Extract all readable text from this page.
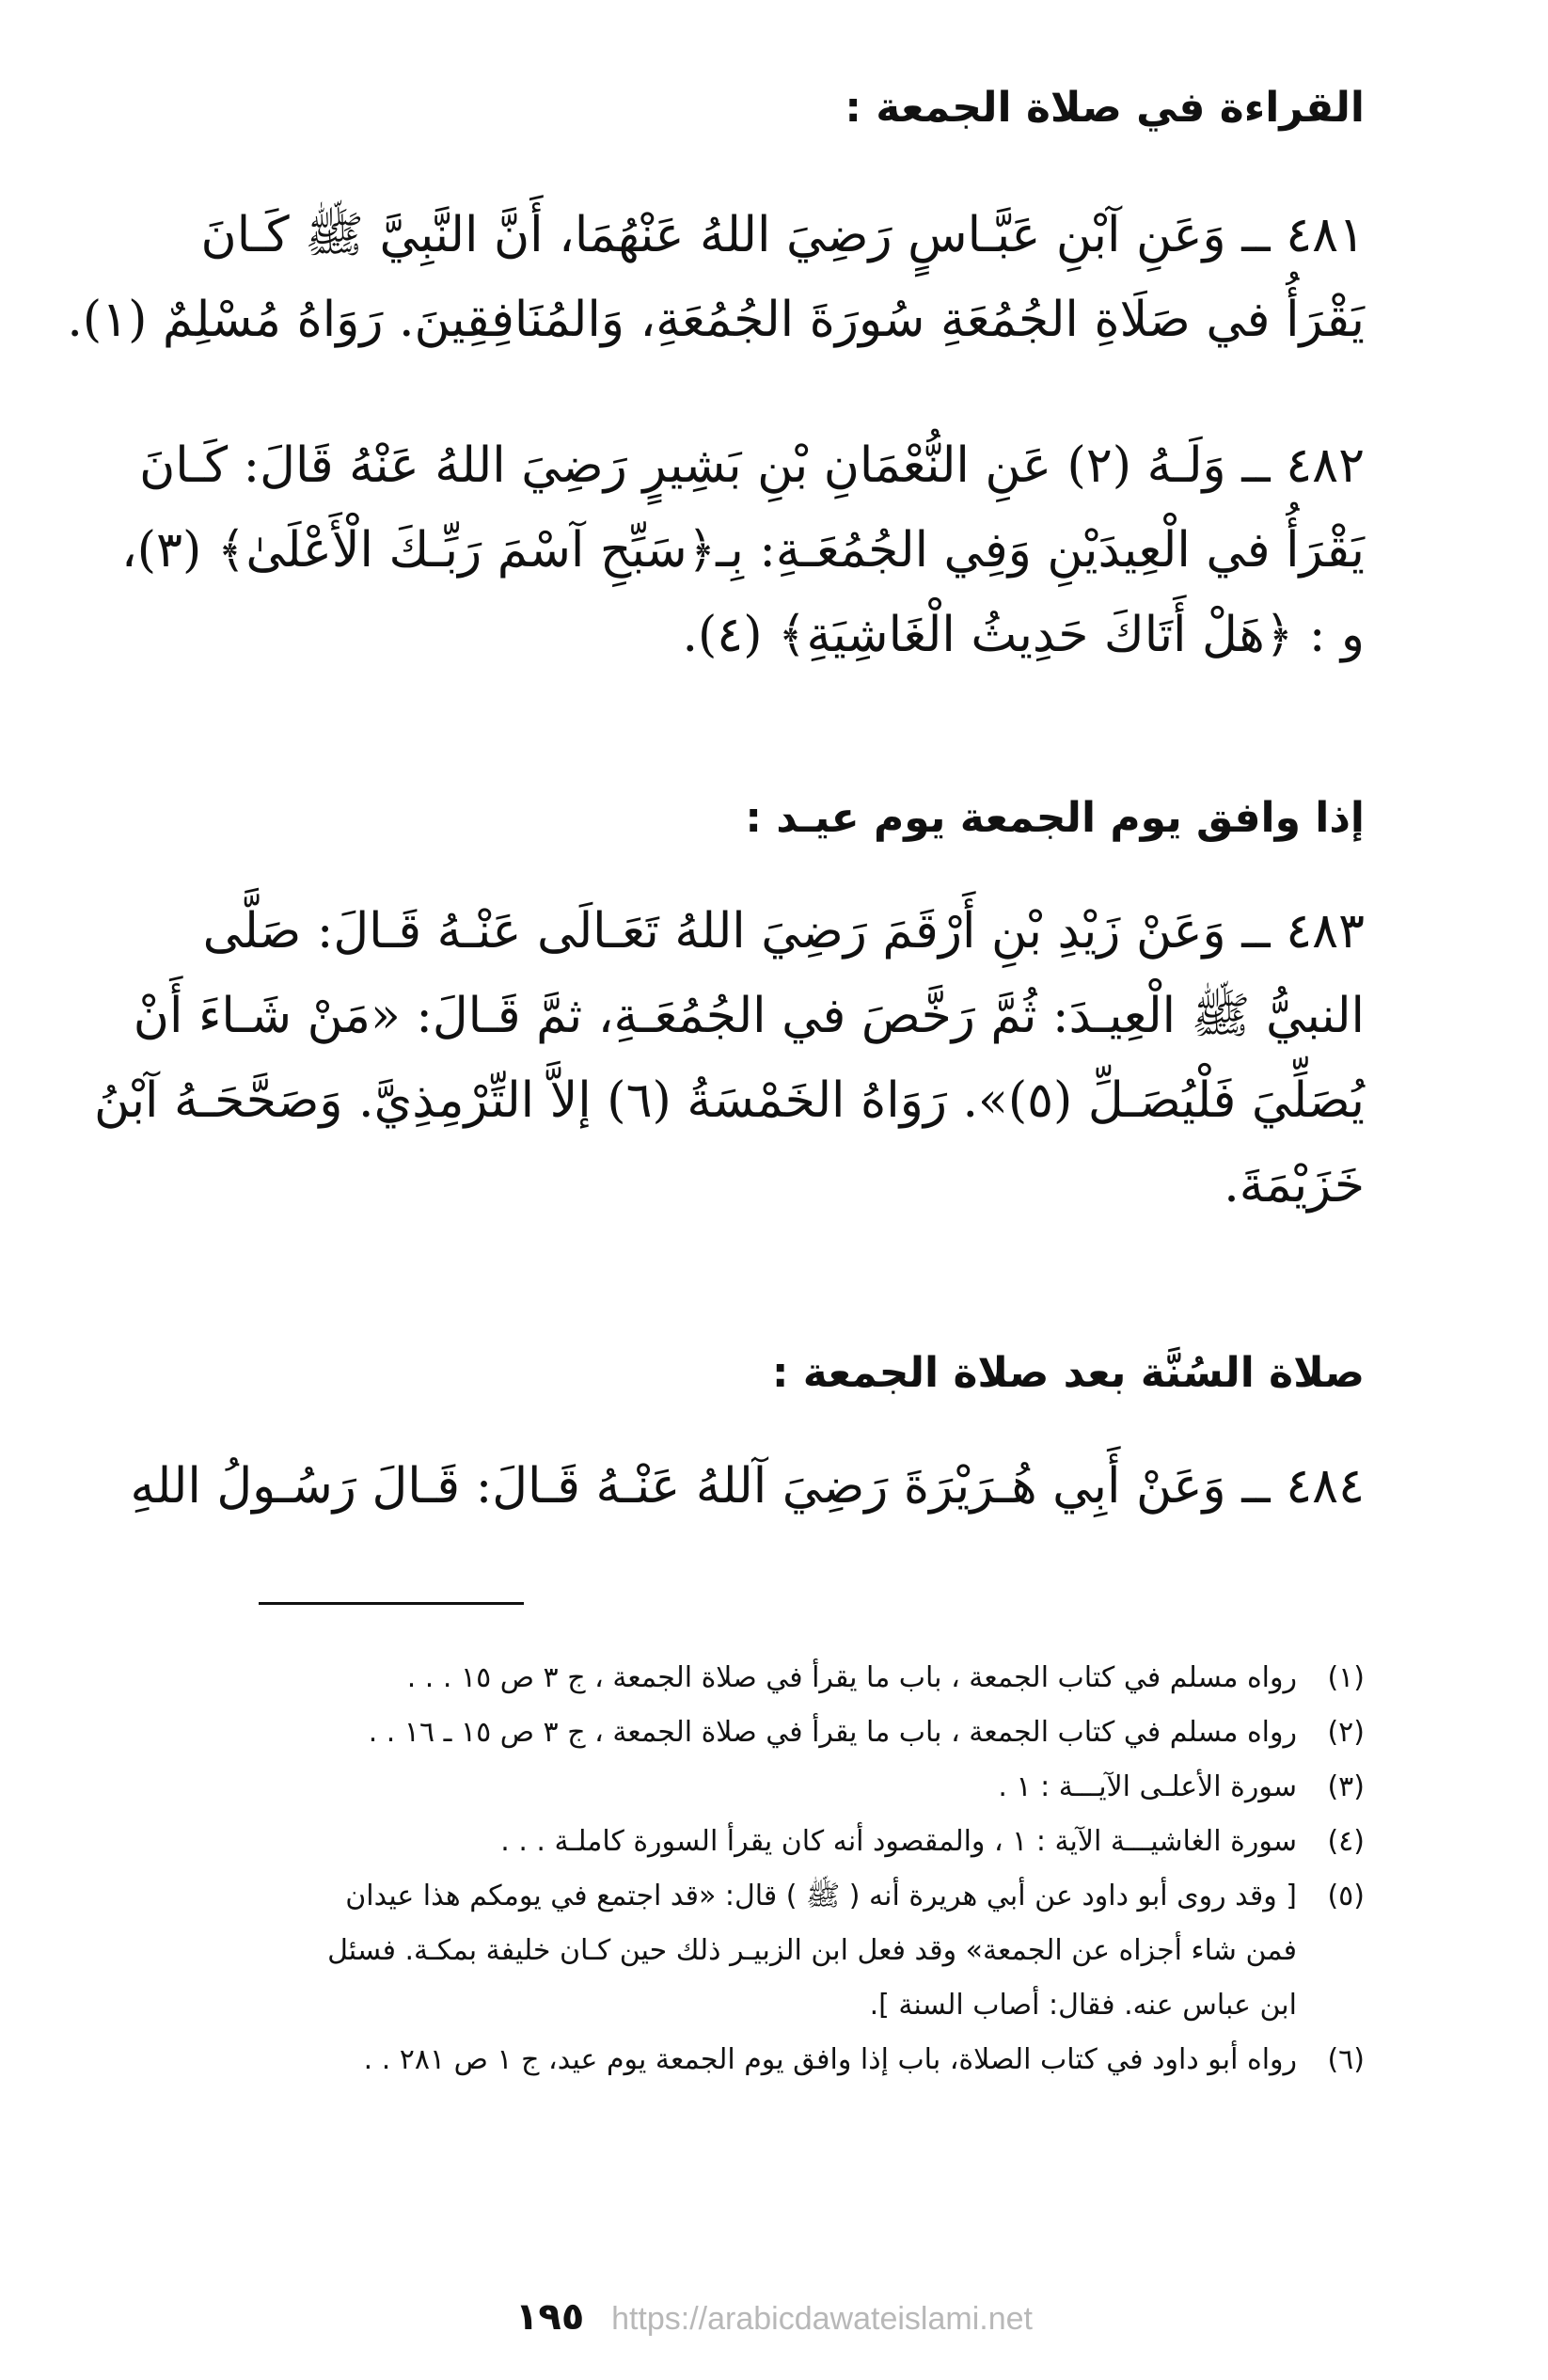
القراءة في صلاة الجمعة :

٤٨١ ــ وَعَنِ آبْنِ عَبَّـاسٍ رَضِيَ اللهُ عَنْهُمَا، أَنَّ النَّبِيَّ ﷺ كَـانَ

يَقْرَأُ في صَلَاةِ الجُمُعَةِ سُورَةَ الجُمُعَةِ، وَالمُنَافِقِينَ. رَوَاهُ مُسْلِمٌ (١).

٤٨٢ ــ وَلَـهُ (٢) عَنِ النُّعْمَانِ بْنِ بَشِيرٍ رَضِيَ اللهُ عَنْهُ قَالَ: كَـانَ

يَقْرَأُ في الْعِيدَيْنِ وَفِي الجُمُعَـةِ: بِـ﴿سَبِّحِ آسْمَ رَبِّـكَ الْأَعْلَىٰ﴾ (٣)،

و : ﴿هَلْ أَتَاكَ حَدِيثُ الْغَاشِيَةِ﴾ (٤).

إذا وافق يوم الجمعة يوم عيـد :

٤٨٣ ــ وَعَنْ زَيْدِ بْنِ أَرْقَمَ رَضِيَ اللهُ تَعَـالَى عَنْـهُ قَـالَ: صَلَّى

النبيُّ ﷺ الْعِيـدَ: ثُمَّ رَخَّصَ في الجُمُعَـةِ، ثمَّ قَـالَ: «مَنْ شَـاءَ أَنْ

يُصَلِّيَ فَلْيُصَـلِّ (٥)». رَوَاهُ الخَمْسَةُ (٦) إلاَّ التِّرْمِذِيَّ. وَصَحَّحَـهُ آبْنُ

خَزَيْمَةَ.

صلاة السُنَّة بعد صلاة الجمعة :

٤٨٤ ــ وَعَنْ أَبِي هُـرَيْرَةَ رَضِيَ آللهُ عَنْـهُ قَـالَ: قَـالَ رَسُـولُ اللهِ

(١)
رواه مسلم في كتاب الجمعة ، باب ما يقرأ في صلاة الجمعة ، ج ٣ ص ١٥ . . .
(٢)
رواه مسلم في كتاب الجمعة ، باب ما يقرأ في صلاة الجمعة ، ج ٣ ص ١٥ ـ ١٦ . .
(٣)
سورة الأعلـى الآيـــة : ١ .
(٤)
سورة الغاشيـــة الآية : ١ ، والمقصود أنه كان يقرأ السورة كاملـة . . .
(٥)
[ وقد روى أبو داود عن أبي هريرة أنه ( ﷺ ) قال: «قد اجتمع في يومكم هذا عيدان
فمن شاء أجزاه عن الجمعة» وقد فعل ابن الزبيـر ذلك حين كـان خليفة بمكـة. فسئل
ابن عباس عنه. فقال: أصاب السنة ].
(٦)
رواه أبو داود في كتاب الصلاة، باب إذا وافق يوم الجمعة يوم عيد، ج ١ ص ٢٨١ . .
١٩٥ https://arabicdawateislami.net
